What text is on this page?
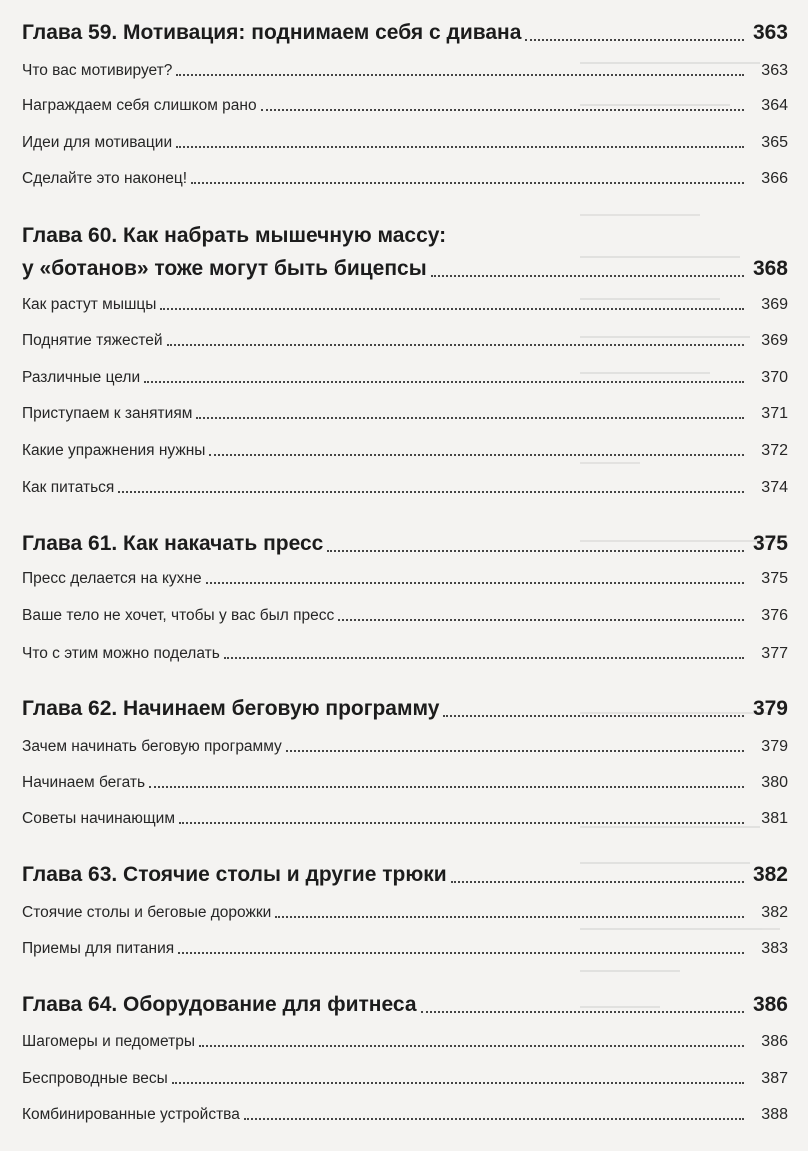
Глава 59. Мотивация: поднимаем себя с дивана	363
Что вас мотивирует?	363
Награждаем себя слишком рано	364
Идеи для мотивации	365
Сделайте это наконец!	366
Глава 60. Как набрать мышечную массу:
у «ботанов» тоже могут быть бицепсы	368
Как растут мышцы	369
Поднятие тяжестей	369
Различные цели	370
Приступаем к занятиям	371
Какие упражнения нужны	372
Как питаться	374
Глава 61. Как накачать пресс	375
Пресс делается на кухне	375
Ваше тело не хочет, чтобы у вас был пресс	376
Что с этим можно поделать	377
Глава 62. Начинаем беговую программу	379
Зачем начинать беговую программу	379
Начинаем бегать	380
Советы начинающим	381
Глава 63. Стоячие столы и другие трюки	382
Стоячие столы и беговые дорожки	382
Приемы для питания	383
Глава 64. Оборудование для фитнеса	386
Шагомеры и педометры	386
Беспроводные весы	387
Комбинированные устройства	388
